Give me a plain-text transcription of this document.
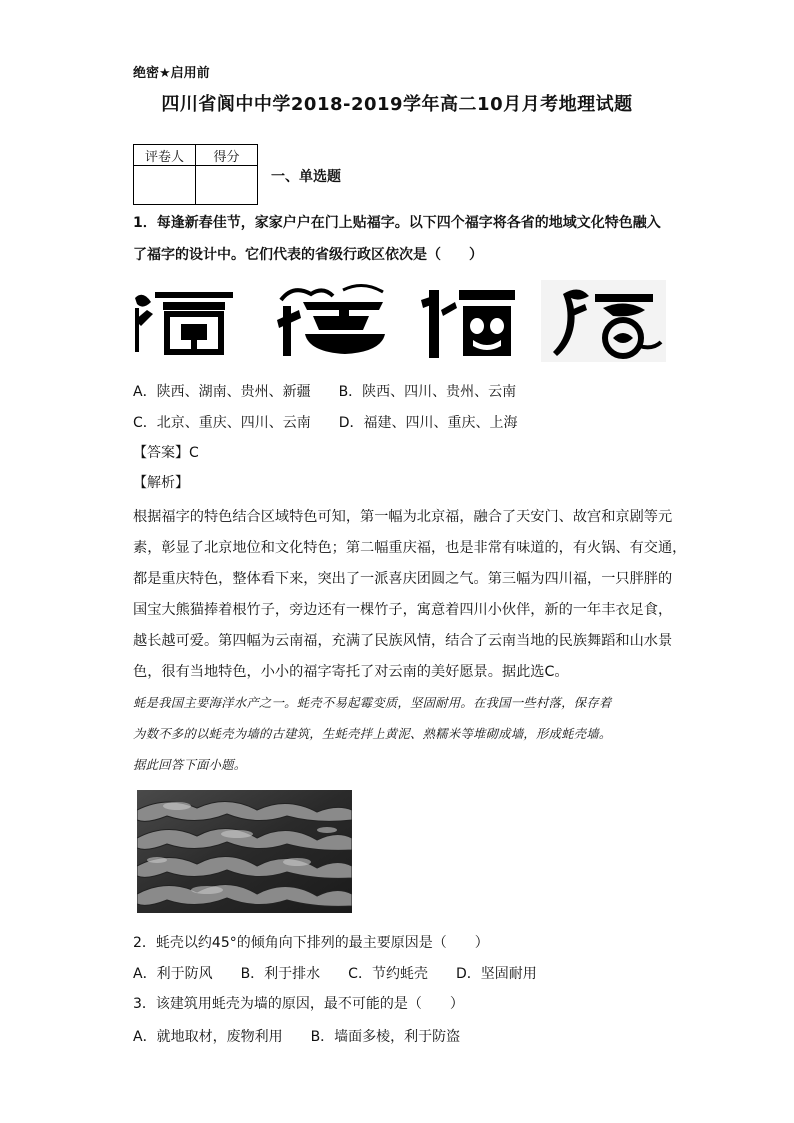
绝密★启用前
四川省阆中中学2018-2019学年高二10月月考地理试题
评卷人	得分

一、单选题
1．每逢新春佳节，家家户户在门上贴福字。以下四个福字将各省的地域文化特色融入
了福字的设计中。它们代表的省级行政区依次是（　　）
A．陕西、湖南、贵州、新疆　　B．陕西、四川、贵州、云南
C．北京、重庆、四川、云南　　D．福建、四川、重庆、上海
【答案】C
【解析】
根据福字的特色结合区域特色可知，第一幅为北京福，融合了天安门、故宫和京剧等元
素，彰显了北京地位和文化特色；第二幅重庆福，也是非常有味道的，有火锅、有交通，
都是重庆特色，整体看下来，突出了一派喜庆团圆之气。第三幅为四川福，一只胖胖的
国宝大熊猫捧着根竹子，旁边还有一棵竹子，寓意着四川小伙伴，新的一年丰衣足食，
越长越可爱。第四幅为云南福，充满了民族风情，结合了云南当地的民族舞蹈和山水景
色，很有当地特色，小小的福字寄托了对云南的美好愿景。据此选C。
蚝是我国主要海洋水产之一。蚝壳不易起霉变质，坚固耐用。在我国一些村落，保存着
为数不多的以蚝壳为墙的古建筑，生蚝壳拌上黄泥、熟糯米等堆砌成墙，形成蚝壳墙。
据此回答下面小题。
2．蚝壳以约45°的倾角向下排列的最主要原因是（　　）
A．利于防风　　B．利于排水　　C．节约蚝壳　　D．坚固耐用
3．该建筑用蚝壳为墙的原因，最不可能的是（　　）
A．就地取材，废物利用　　B．墙面多棱，利于防盗
